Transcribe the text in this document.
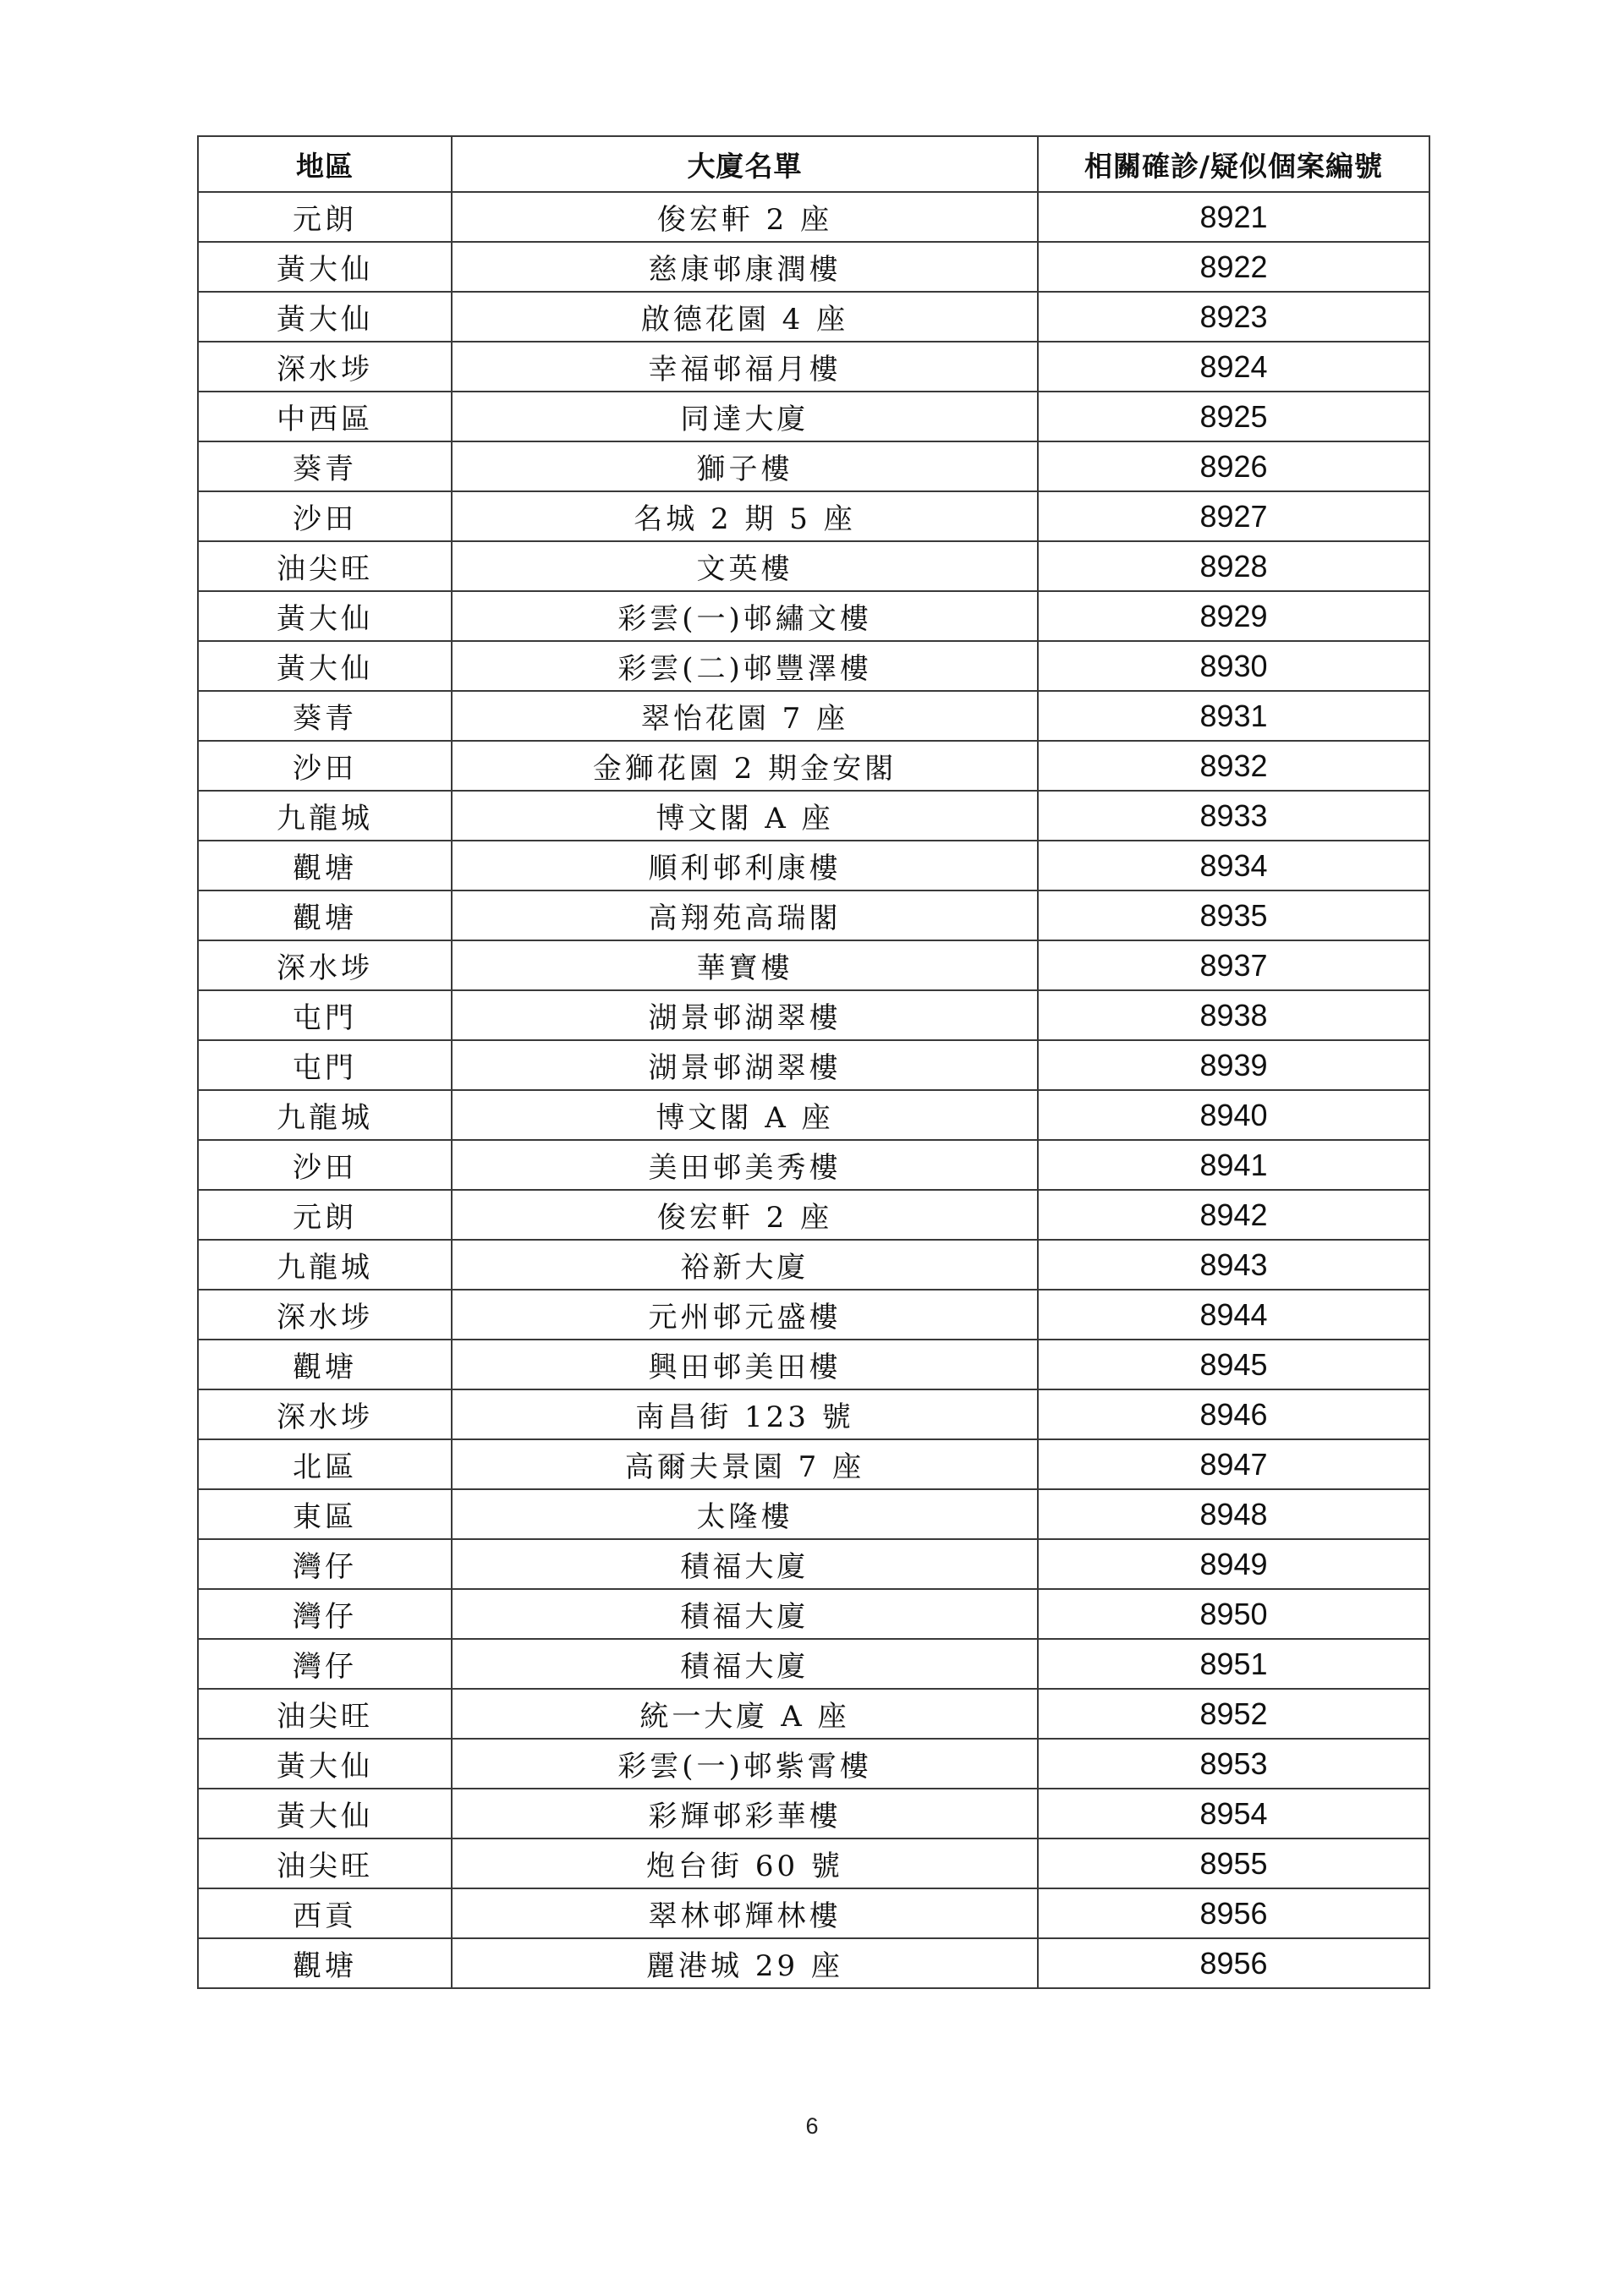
地區	大廈名單	相關確診/疑似個案編號
元朗	俊宏軒 2 座	8921
黃大仙	慈康邨康潤樓	8922
黃大仙	啟德花園 4 座	8923
深水埗	幸福邨福月樓	8924
中西區	同達大廈	8925
葵青	獅子樓	8926
沙田	名城 2 期 5 座	8927
油尖旺	文英樓	8928
黃大仙	彩雲(一)邨繡文樓	8929
黃大仙	彩雲(二)邨豐澤樓	8930
葵青	翠怡花園 7 座	8931
沙田	金獅花園 2 期金安閣	8932
九龍城	博文閣 A 座	8933
觀塘	順利邨利康樓	8934
觀塘	高翔苑高瑞閣	8935
深水埗	華寶樓	8937
屯門	湖景邨湖翠樓	8938
屯門	湖景邨湖翠樓	8939
九龍城	博文閣 A 座	8940
沙田	美田邨美秀樓	8941
元朗	俊宏軒 2 座	8942
九龍城	裕新大廈	8943
深水埗	元州邨元盛樓	8944
觀塘	興田邨美田樓	8945
深水埗	南昌街 123 號	8946
北區	高爾夫景園 7 座	8947
東區	太隆樓	8948
灣仔	積福大廈	8949
灣仔	積福大廈	8950
灣仔	積福大廈	8951
油尖旺	統一大廈 A 座	8952
黃大仙	彩雲(一)邨紫霄樓	8953
黃大仙	彩輝邨彩華樓	8954
油尖旺	炮台街 60 號	8955
西貢	翠林邨輝林樓	8956
觀塘	麗港城 29 座	8956
6
